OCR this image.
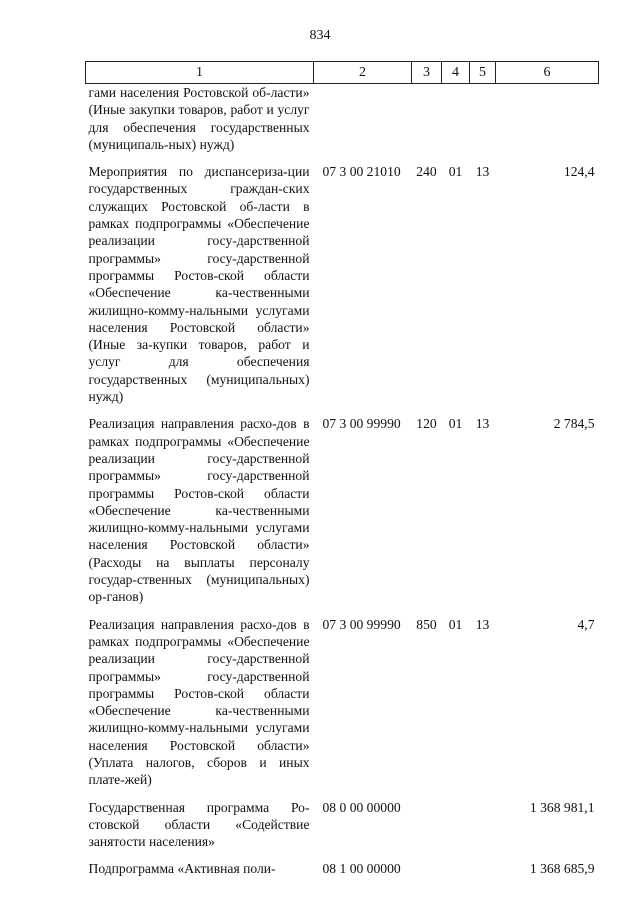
834
1	2	3	4	5	6
гами населения Ростовской об-ласти» (Иные закупки товаров, работ и услуг для обеспечения государственных (муниципаль-ных) нужд)					

Мероприятия по диспансериза-ции государственных граждан-ских служащих Ростовской об-ласти в рамках подпрограммы «Обеспечение реализации госу-дарственной программы» госу-дарственной программы Ростов-ской области «Обеспечение ка-чественными жилищно-комму-нальными услугами населения Ростовской области» (Иные за-купки товаров, работ и услуг для обеспечения государственных (муниципальных) нужд)	07 3 00 21010	240	01	13	124,4

Реализация направления расхо-дов в рамках подпрограммы «Обеспечение реализации госу-дарственной программы» госу-дарственной программы Ростов-ской области «Обеспечение ка-чественными жилищно-комму-нальными услугами населения Ростовской области» (Расходы на выплаты персоналу государ-ственных (муниципальных) ор-ганов)	07 3 00 99990	120	01	13	2 784,5

Реализация направления расхо-дов в рамках подпрограммы «Обеспечение реализации госу-дарственной программы» госу-дарственной программы Ростов-ской области «Обеспечение ка-чественными жилищно-комму-нальными услугами населения Ростовской области» (Уплата налогов, сборов и иных плате-жей)	07 3 00 99990	850	01	13	4,7

Государственная программа Ро-стовской области «Содействие занятости населения»	08 0 00 00000				1 368 981,1

Подпрограмма «Активная поли-	08 1 00 00000				1 368 685,9
